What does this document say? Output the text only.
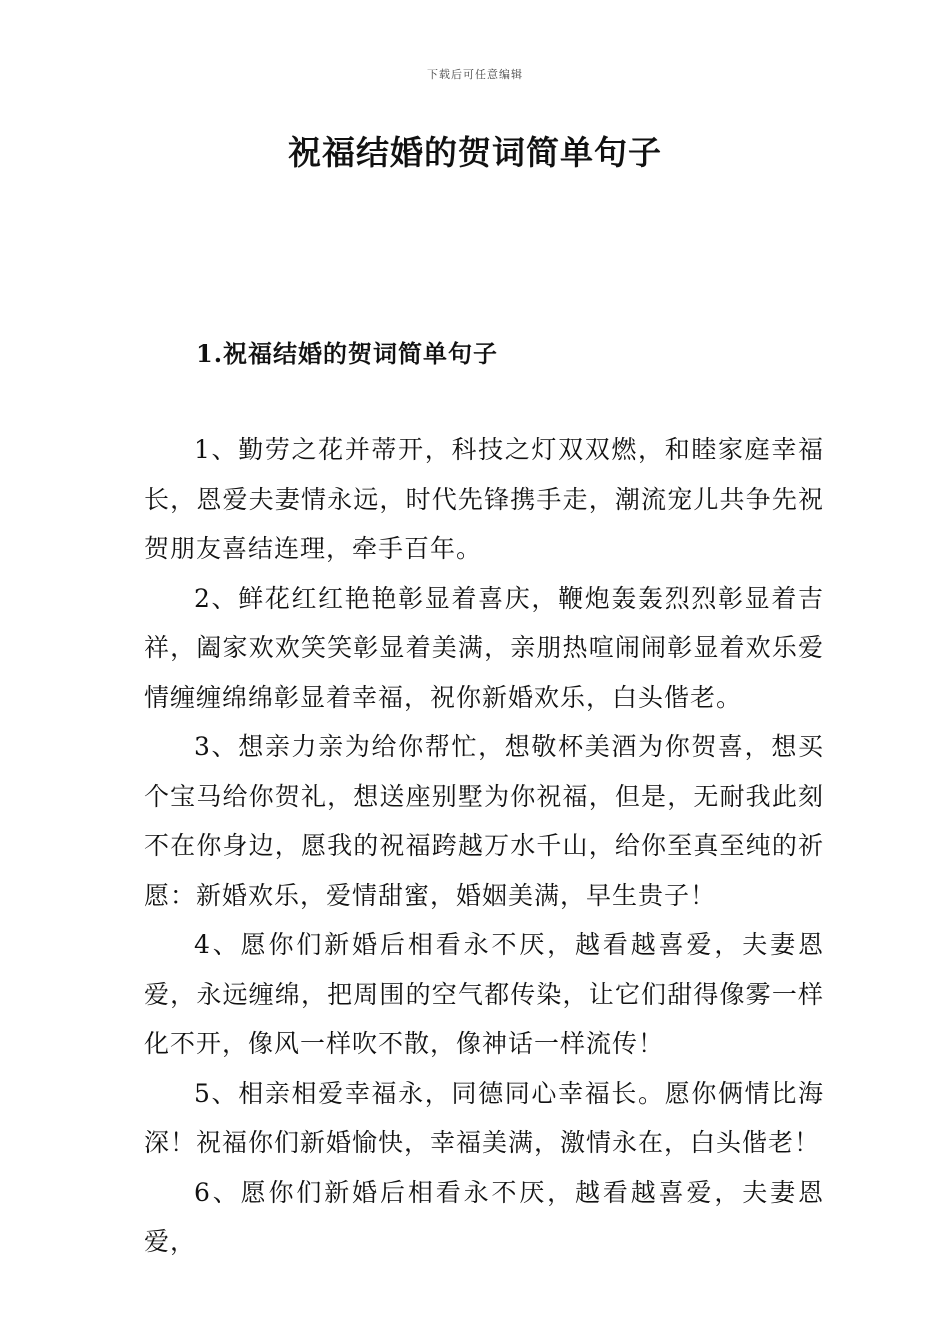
下载后可任意编辑
祝福结婚的贺词简单句子
1.祝福结婚的贺词简单句子

1、勤劳之花并蒂开，科技之灯双双燃，和睦家庭幸福长，恩爱夫妻情永远，时代先锋携手走，潮流宠儿共争先祝贺朋友喜结连理，牵手百年。

2、鲜花红红艳艳彰显着喜庆，鞭炮轰轰烈烈彰显着吉祥，阖家欢欢笑笑彰显着美满，亲朋热喧闹闹彰显着欢乐爱情缠缠绵绵彰显着幸福，祝你新婚欢乐，白头偕老。

3、想亲力亲为给你帮忙，想敬杯美酒为你贺喜，想买个宝马给你贺礼，想送座别墅为你祝福，但是，无耐我此刻不在你身边，愿我的祝福跨越万水千山，给你至真至纯的祈愿：新婚欢乐，爱情甜蜜，婚姻美满，早生贵子！

4、愿你们新婚后相看永不厌，越看越喜爱，夫妻恩爱，永远缠绵，把周围的空气都传染，让它们甜得像雾一样化不开，像风一样吹不散，像神话一样流传！

5、相亲相爱幸福永，同德同心幸福长。愿你俩情比海深！祝福你们新婚愉快，幸福美满，激情永在，白头偕老！

6、愿你们新婚后相看永不厌，越看越喜爱，夫妻恩爱，
